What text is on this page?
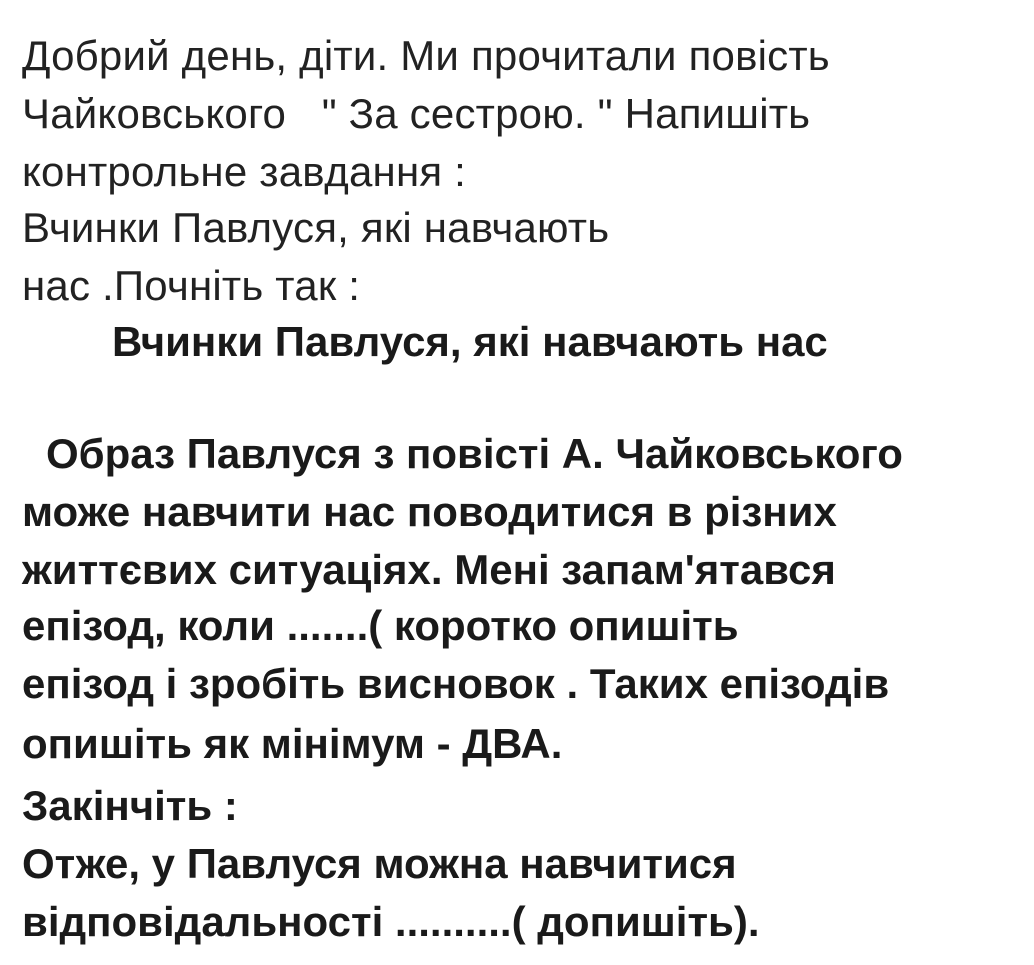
Добрий день, діти. Ми прочитали повість
Чайковського   " За сестрою. " Напишіть
контрольне завдання :
Вчинки Павлуся, які навчають
нас .Почніть так :
Вчинки Павлуся, які навчають нас
Образ Павлуся з повісті А. Чайковського
може навчити нас поводитися в різних
життєвих ситуаціях. Мені запам'ятався
епізод, коли .......( коротко опишіть
епізод і зробіть висновок . Таких епізодів
опишіть як мінімум - ДВА.
Закінчіть :
Отже, у Павлуся можна навчитися
відповідальності ..........( допишіть).
